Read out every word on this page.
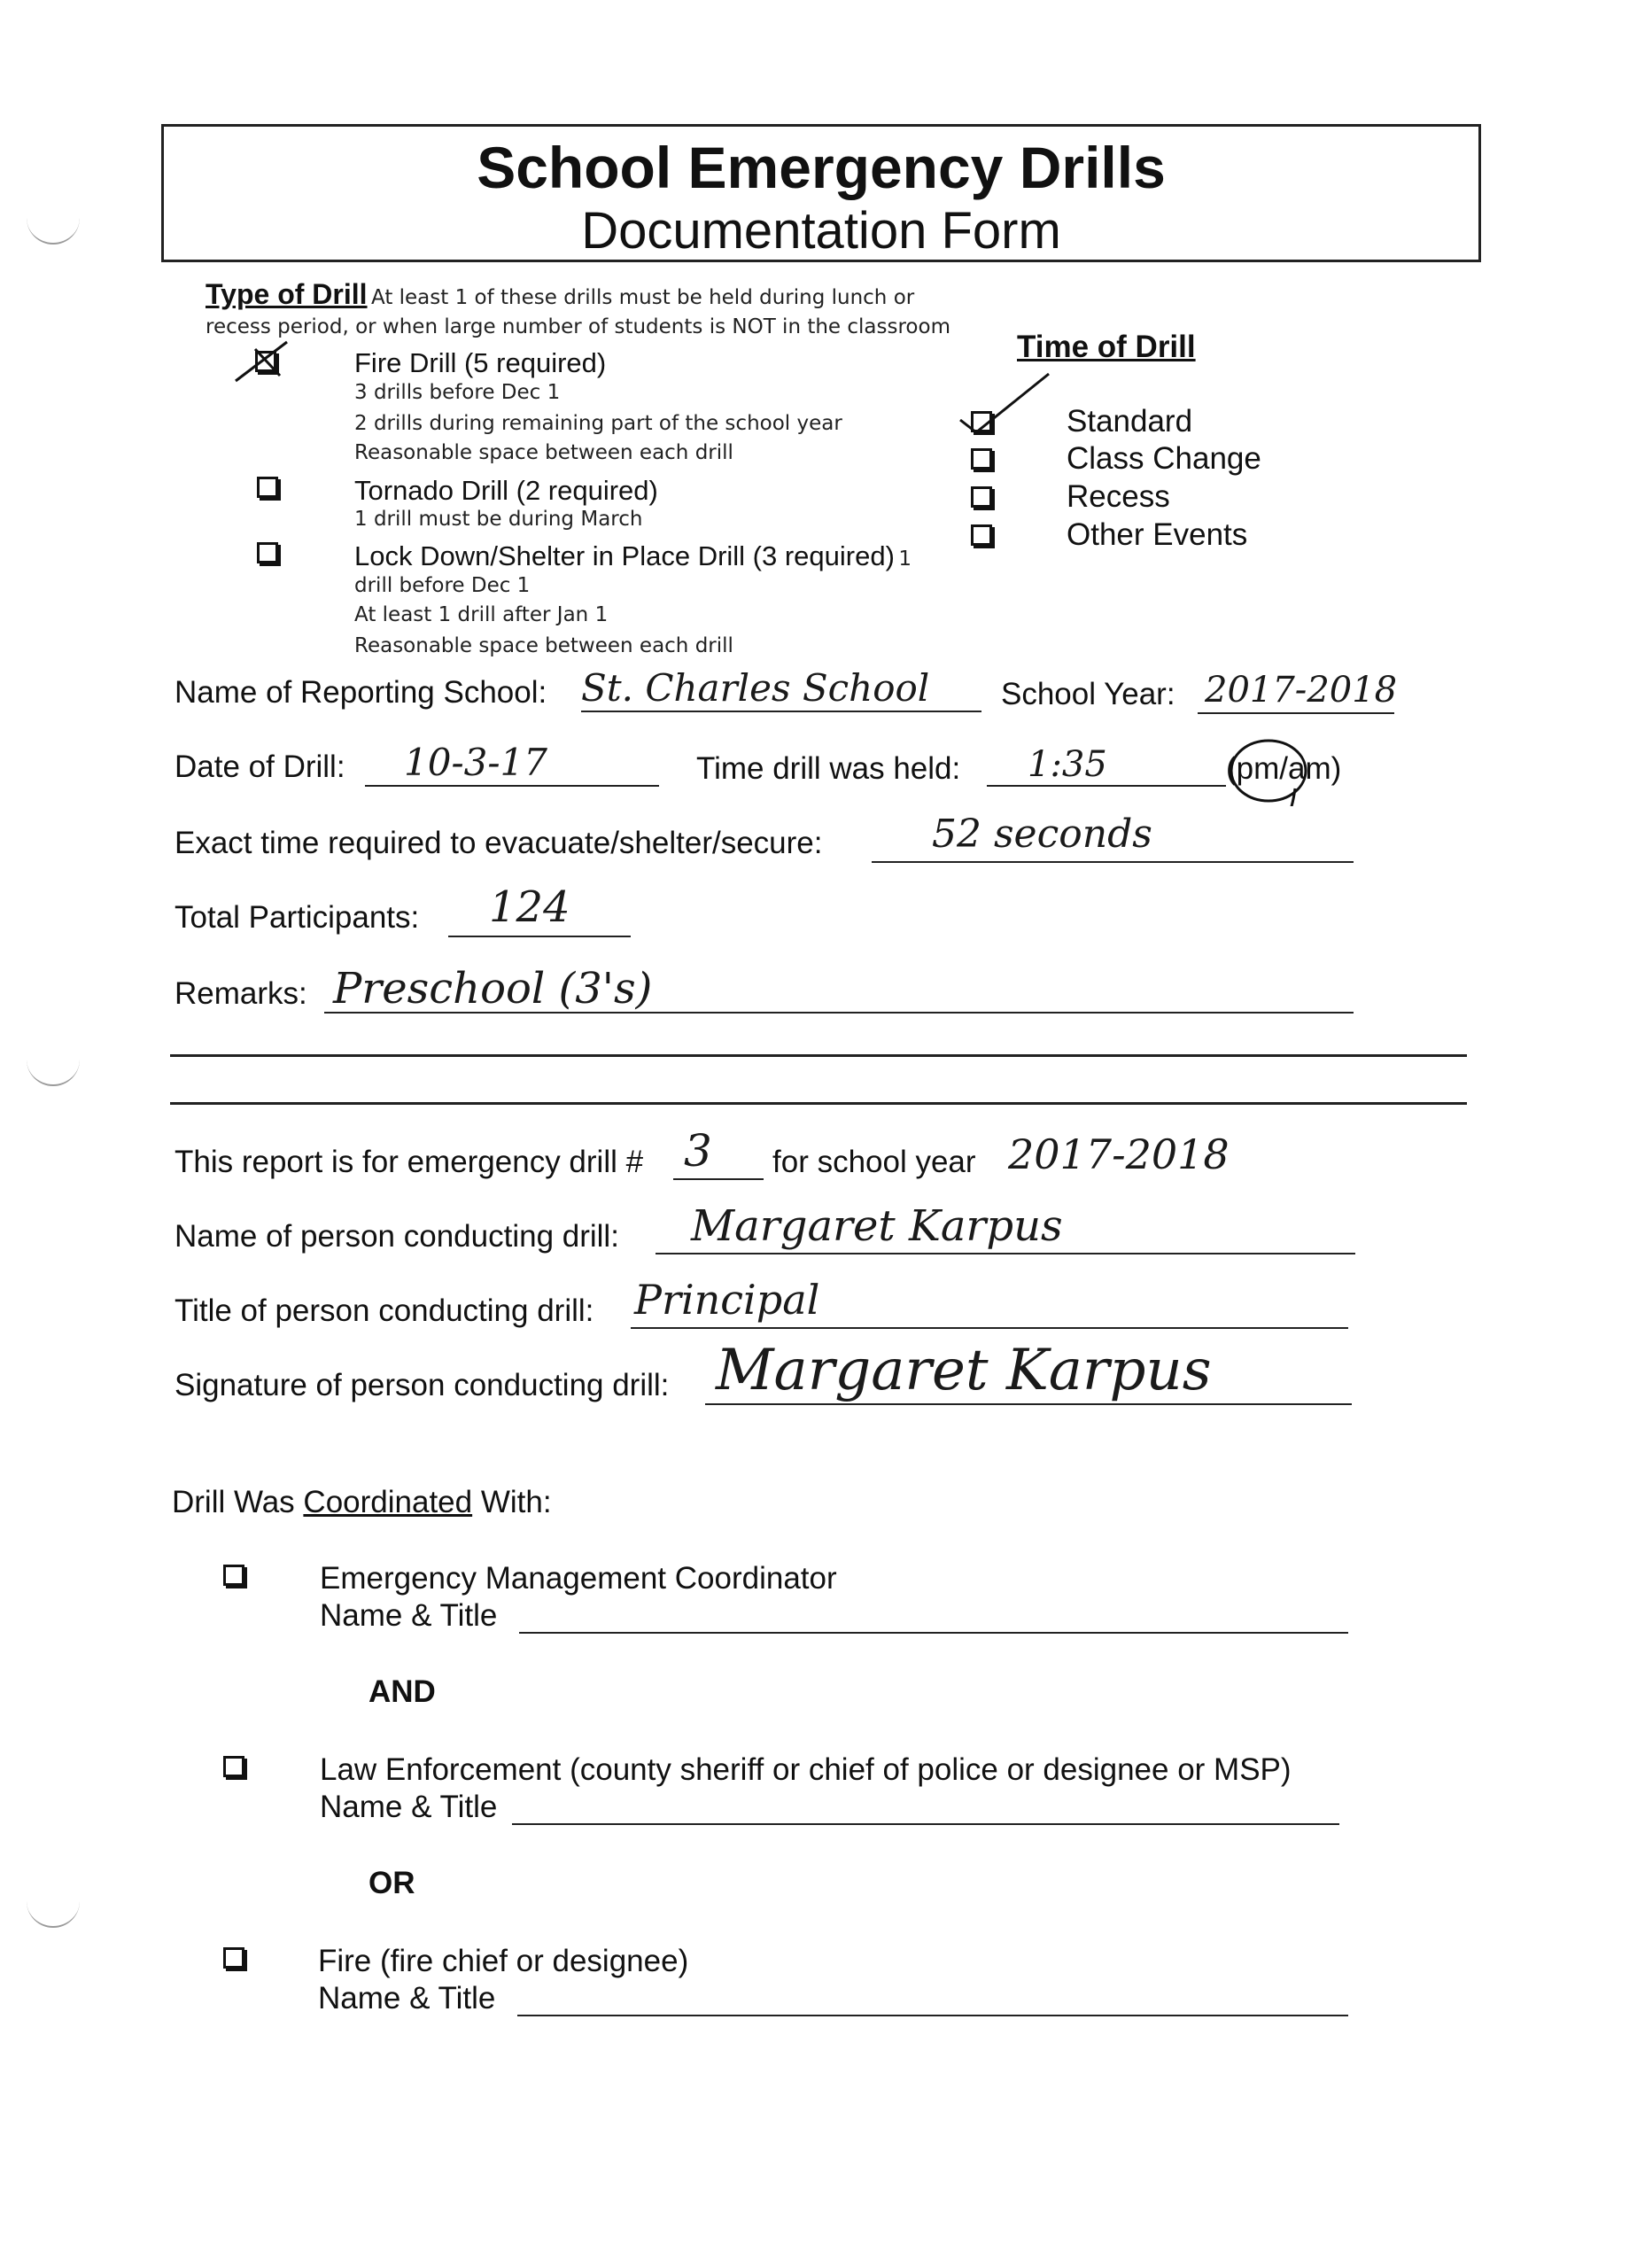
School Emergency Drills
Documentation Form
Type of Drill At least 1 of these drills must be held during lunch or
recess period, or when large number of students is NOT in the classroom
Fire Drill (5 required)
3 drills before Dec 1
2 drills during remaining part of the school year
Reasonable space between each drill
Tornado Drill (2 required)
1 drill must be during March
Lock Down/Shelter in Place Drill (3 required) 1
drill before Dec 1
At least 1 drill after Jan 1
Reasonable space between each drill
Time of Drill
Standard
Class Change
Recess
Other Events
Name of Reporting School: St. Charles School School Year: 2017-2018
Date of Drill: 10-3-17	Time drill was held: 1:35	(pm/am)
Exact time required to evacuate/shelter/secure:	52 seconds
Total Participants: 124
Remarks: Preschool (3's)
This report is for emergency drill # 3 for school year 2017-2018
Name of person conducting drill: Margaret Karpus
Title of person conducting drill: Principal
Signature of person conducting drill: Margaret Karpus
Drill Was Coordinated With:
Emergency Management Coordinator
Name & Title
AND
Law Enforcement (county sheriff or chief of police or designee or MSP)
Name & Title
OR
Fire (fire chief or designee)
Name & Title
